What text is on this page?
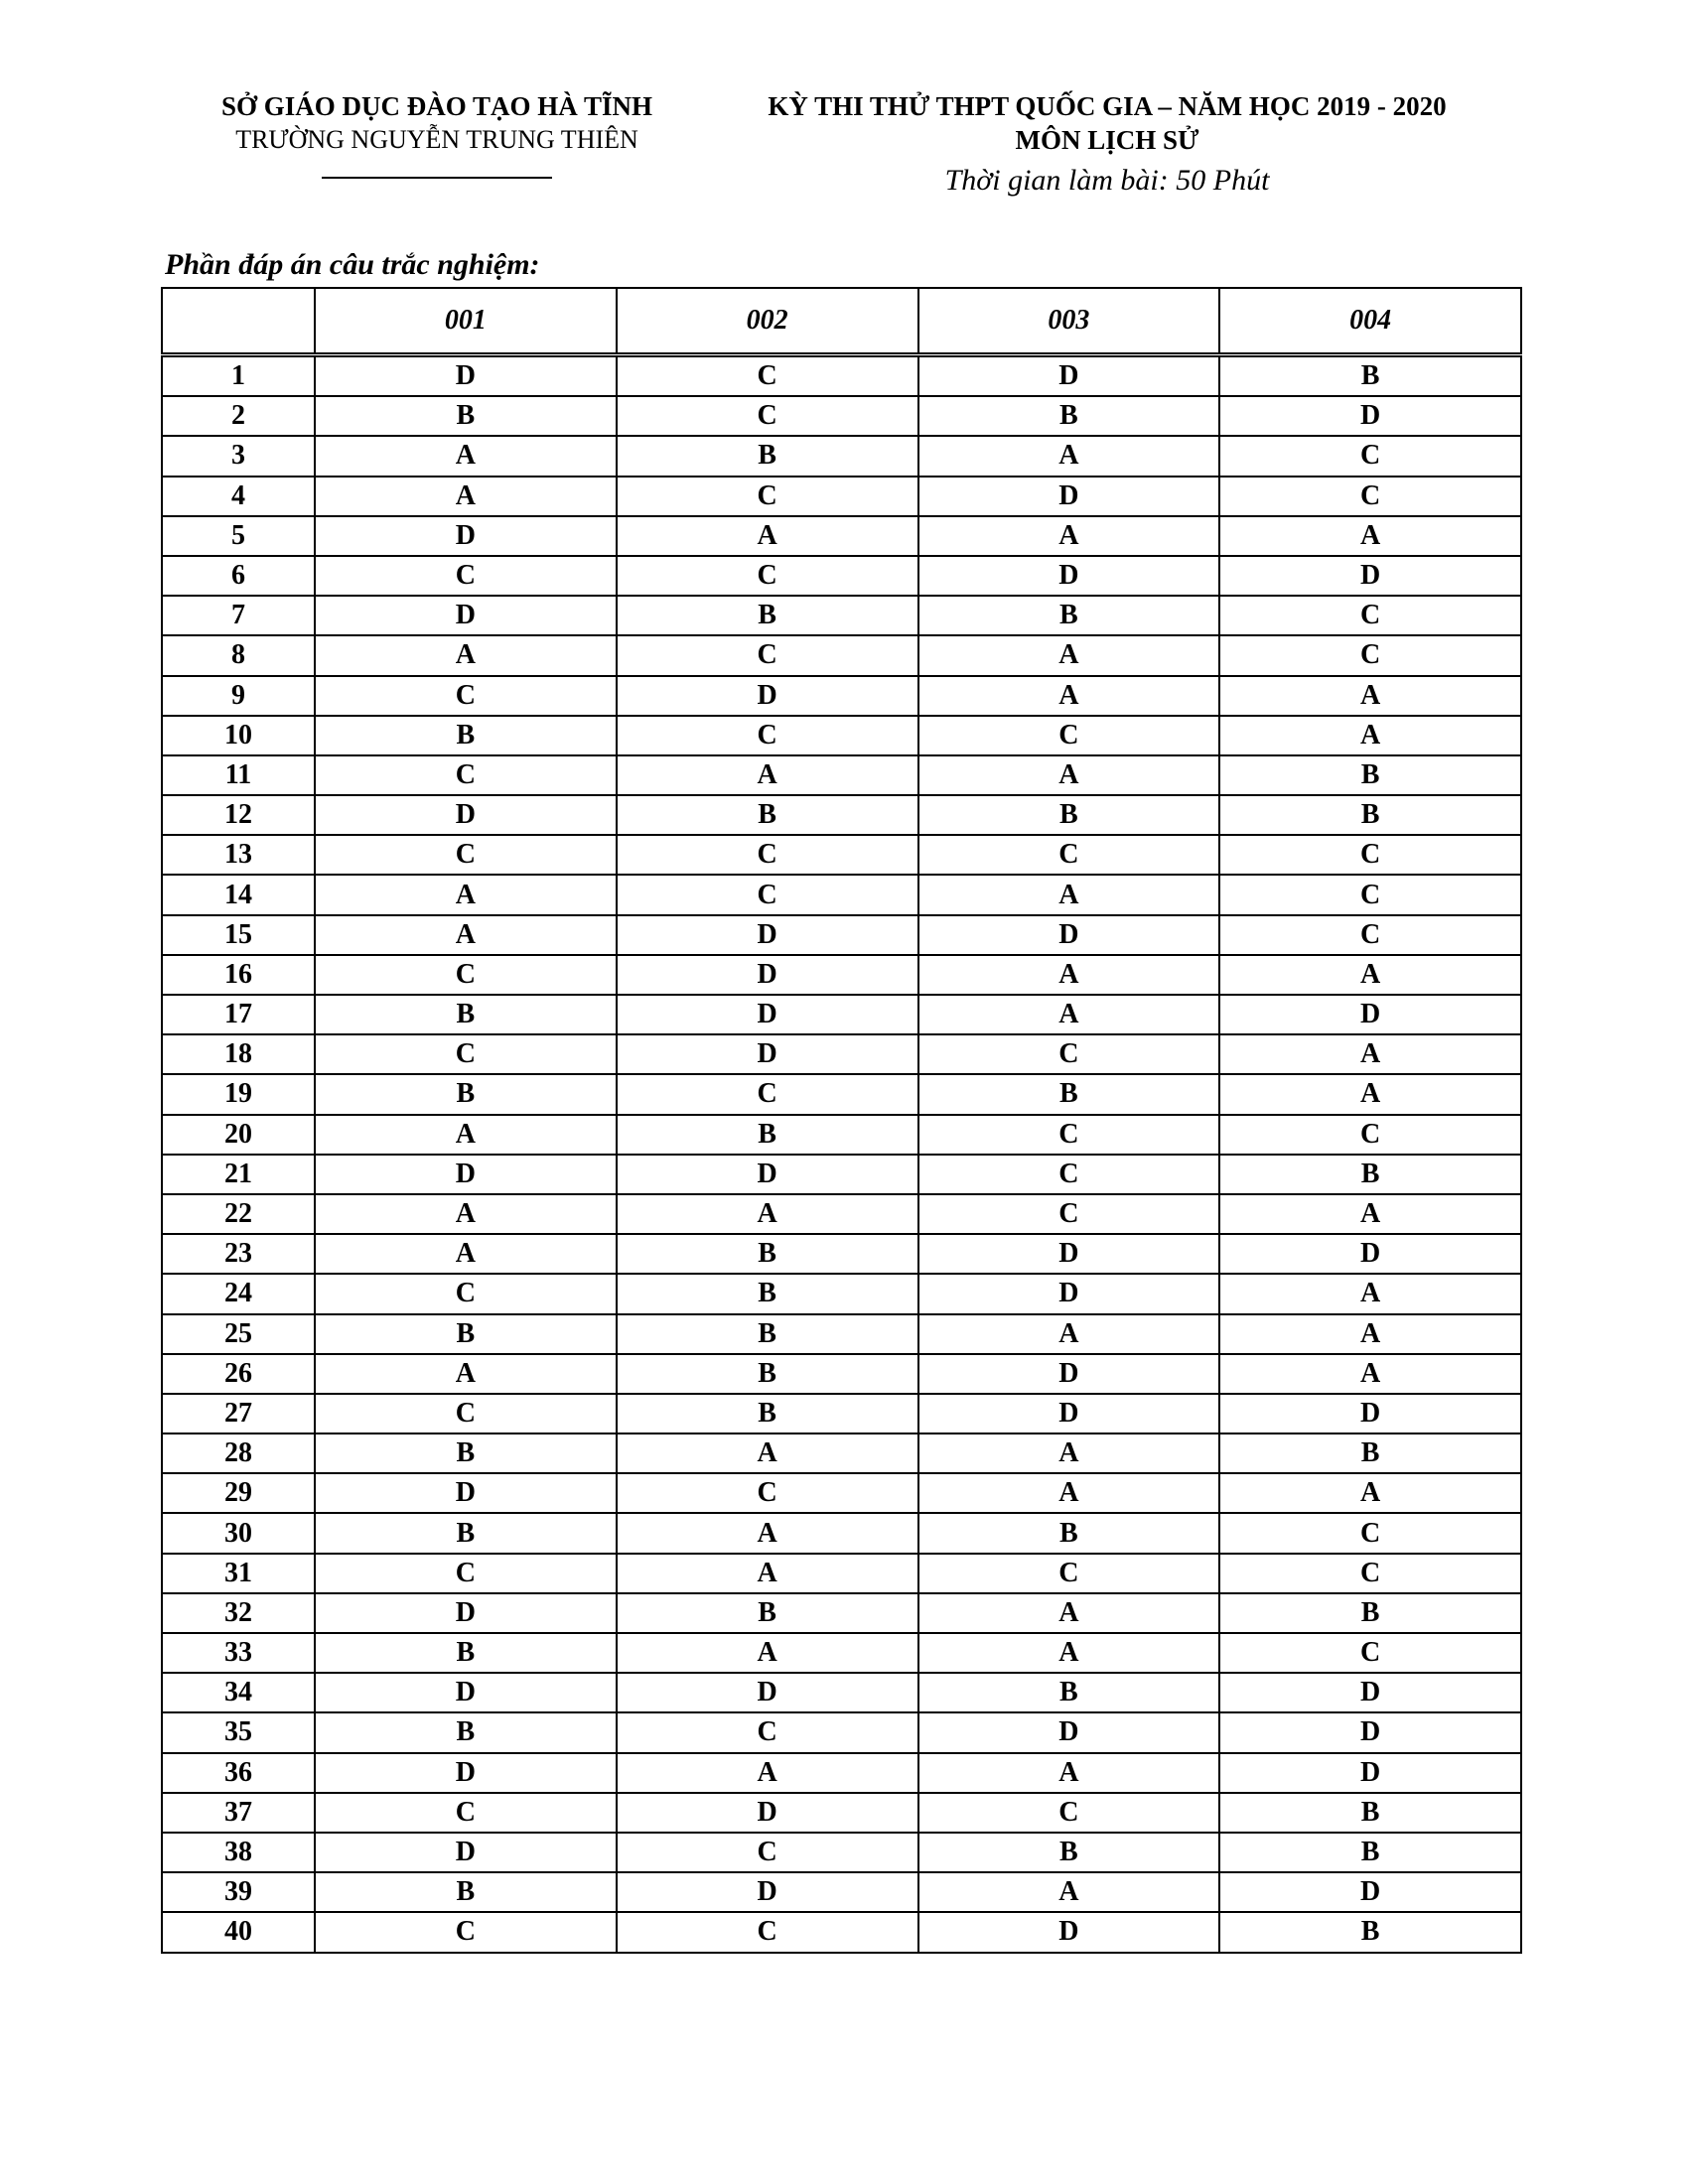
SỞ GIÁO DỤC ĐÀO TẠO HÀ TĨNH
TRƯỜNG NGUYỄN TRUNG THIÊN
KỲ THI THỬ THPT QUỐC GIA – NĂM HỌC 2019 - 2020
MÔN LỊCH SỬ
Thời gian làm bài: 50 Phút
Phần đáp án câu trắc nghiệm:
	001	002	003	004
1	D	C	D	B
2	B	C	B	D
3	A	B	A	C
4	A	C	D	C
5	D	A	A	A
6	C	C	D	D
7	D	B	B	C
8	A	C	A	C
9	C	D	A	A
10	B	C	C	A
11	C	A	A	B
12	D	B	B	B
13	C	C	C	C
14	A	C	A	C
15	A	D	D	C
16	C	D	A	A
17	B	D	A	D
18	C	D	C	A
19	B	C	B	A
20	A	B	C	C
21	D	D	C	B
22	A	A	C	A
23	A	B	D	D
24	C	B	D	A
25	B	B	A	A
26	A	B	D	A
27	C	B	D	D
28	B	A	A	B
29	D	C	A	A
30	B	A	B	C
31	C	A	C	C
32	D	B	A	B
33	B	A	A	C
34	D	D	B	D
35	B	C	D	D
36	D	A	A	D
37	C	D	C	B
38	D	C	B	B
39	B	D	A	D
40	C	C	D	B
